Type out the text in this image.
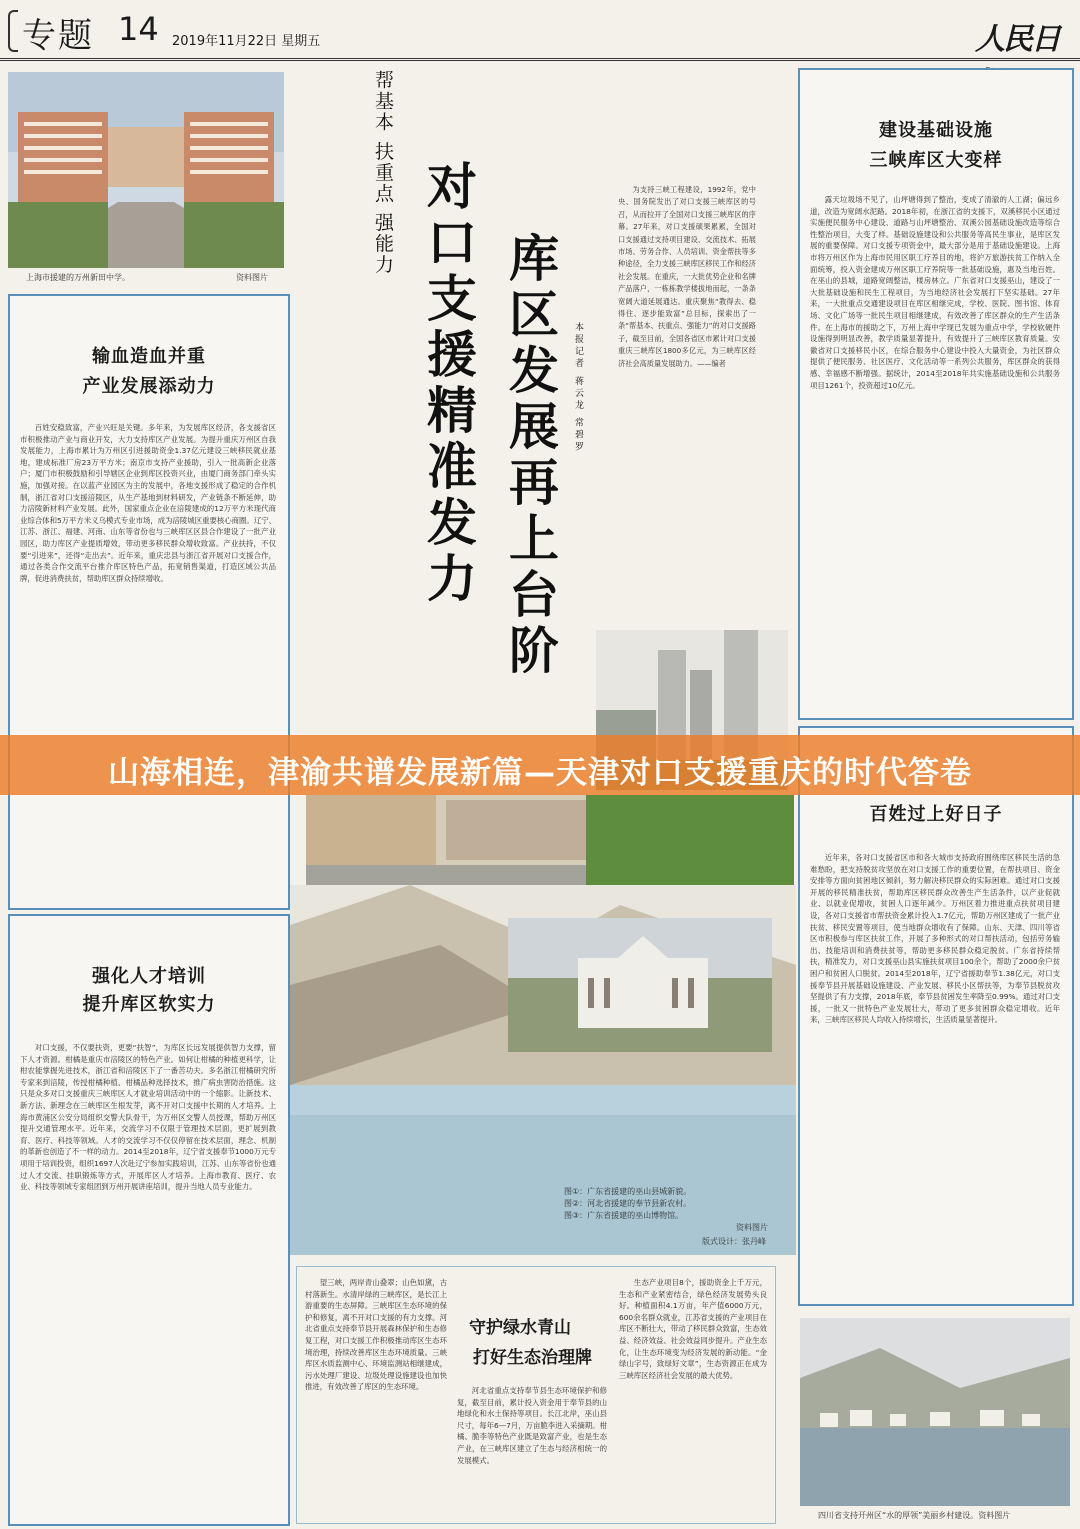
专题 14 2019年11月22日 星期五	人民日
上海市援建的万州新田中学。	资料图片
帮基本 扶重点 强能力 对口支援精准发力 库区发展再上台阶	本报记者 蒋云龙 常碧罗

为支持三峡工程建设，1992年，党中央、国务院发出了对口支援三峡库区的号召，从而拉开了全国对口支援三峡库区的序幕。27年来，对口支援硕果累累，全国对口支援通过支持项目建设、交流技术、拓展市场、劳务合作、人员培训、资金帮扶等多种途径，全力支援三峡库区移民工作和经济社会发展。在重庆，一大批优势企业和名牌产品落户，一栋栋教学楼拔地而起，一条条宽阔大道延展通达。重庆聚焦“教得去、稳得住、逐步能致富”总目标，探索出了一条“帮基本、扶重点、强能力”的对口支援路子，截至目前，全国各省区市累计对口支援重庆三峡库区1800多亿元，为三峡库区经济社会高质量发展助力。——编者

输血造血并重
产业发展添动力

百姓安稳致富，产业兴旺是关键。多年来，为发展库区经济，各支援省区市积极推动产业与商业开发，大力支持库区产业发展。为提升重庆万州区自我发展能力，上海市累计为万州区引进援助资金1.37亿元建设三峡移民就业基地，建成标准厂房23万平方米；南京市支持产业援助，引入一批高新企业落户；厦门市积极鼓励和引导辖区企业到库区投资兴业，由厦门商务部门牵头实施，加强对接。在以蓝产业园区为主的发展中，各地支援形成了稳定的合作机制，浙江省对口支援涪陵区，从生产基地到材料研发，产业链条不断延伸，助力涪陵新材料产业发展。此外，国家重点企业在涪陵建成的12万平方米现代商业综合体和5万平方米义乌模式专业市场，成为涪陵城区重要核心商圈。辽宁、江苏、浙江、福建、河南、山东等省份也与三峡库区区县合作建设了一批产业园区，助力库区产业提质增效，带动更多移民群众增收致富。产业扶持，不仅要“引进来”，还得“走出去”。近年来，重庆忠县与浙江省开展对口支援合作，通过各类合作交流平台推介库区特色产品，拓宽销售渠道，打造区域公共品牌，促进消费扶贫，帮助库区群众持续增收。

强化人才培训
提升库区软实力

对口支援，不仅要扶资，更要“扶智”，为库区长远发展提供智力支撑，留下人才资源。柑橘是重庆市涪陵区的特色产业。如何让柑橘的种植更科学，让柑农能掌握先进技术，浙江省和涪陵区下了一番苦功夫。多名浙江柑橘研究所专家来到涪陵，传授柑橘种植、柑橘品种选择技术，推广病虫害防治措施。这只是众多对口支援重庆三峡库区人才就业培训活动中的一个缩影。让新技术、新方法、新理念在三峡库区生根发芽，离不开对口支援中长期的人才培养。上海市黄浦区公安分局组织交警大队骨干，为万州区交警人员授课，帮助万州区提升交通管理水平。近年来，交流学习不仅限于管理技术层面，更扩展到教育、医疗、科技等领域。人才的交流学习不仅仅停留在技术层面，理念、机制的革新也创造了不一样的动力。2014至2018年，辽宁省支援奉节1000万元专项用于培训投资，组织1697人次赴辽宁参加实践培训，江苏、山东等省份也通过人才交流、挂职锻炼等方式，开展库区人才培养。上海市教育、医疗、农业、科技等领域专家组团到万州开展讲座培训，提升当地人员专业能力。

建设基础设施
三峡库区大变样

露天垃圾场不见了，山坪塘得到了整治，变成了清澈的人工湖；偏远乡道，改造为宽阔水泥路。2018年初，在浙江省的支援下，双溪移民小区通过实施便民服务中心建设、道路与山坪塘整治、双溪公园基础设施改造等综合性整治项目，大变了样。基础设施建设和公共服务等高民生事业，是库区发展的重要保障。对口支援专项资金中，最大部分是用于基础设施建设。上海市将万州区作为上海市民用区职工疗养目的地，将沪万旅游扶贫工作纳入全面统筹，投入资金建成万州区职工疗养院等一批基础设施，惠及当地百姓。在巫山的县城，道路宽阔整洁，楼房林立。广东省对口支援巫山，建设了一大批基础设施和民生工程项目，为当地经济社会发展打下坚实基础。27年来，一大批重点交通建设项目在库区相继完成，学校、医院、图书馆、体育场、文化广场等一批民生项目相继建成，有效改善了库区群众的生产生活条件。在上海市的援助之下，万州上海中学现已发展为重点中学，学校软硬件设施得到明显改善，教学质量显著提升，有效提升了三峡库区教育质量。安徽省对口支援移民小区，在综合服务中心建设中投入大量资金，为社区群众提供了便民服务、社区医疗、文化活动等一系列公共服务，库区群众的获得感、幸福感不断增强。据统计，2014至2018年共实施基础设施和公共服务项目1261个，投资超过10亿元。

百姓过上好日子

近年来，各对口支援省区市和各大城市支持政府围绕库区移民生活的急难愁盼，把支持脱贫攻坚放在对口支援工作的重要位置，在帮扶项目、资金安排等方面向贫困地区倾斜，努力解决移民群众的实际困难。通过对口支援开展的移民精准扶贫，帮助库区移民群众改善生产生活条件，以产业促就业、以就业促增收，贫困人口逐年减少。万州区着力推进重点扶贫项目建设，各对口支援省市帮扶资金累计投入1.7亿元，帮助万州区建成了一批产业扶贫、移民安置等项目，使当地群众增收有了保障。山东、天津、四川等省区市积极参与库区扶贫工作，开展了多种形式的对口帮扶活动，包括劳务输出、技能培训和消费扶贫等，帮助更多移民群众稳定脱贫。广东省持续帮扶，精准发力，对口支援巫山县实施扶贫项目100余个，帮助了2000余户贫困户和贫困人口脱贫。2014至2018年，辽宁省援助奉节1.38亿元，对口支援奉节县开展基础设施建设、产业发展、移民小区帮扶等，为奉节县脱贫攻坚提供了有力支撑，2018年底，奉节县贫困发生率降至0.99%。通过对口支援，一批又一批特色产业发展壮大，带动了更多贫困群众稳定增收。近年来，三峡库区移民人均收入持续增长，生活质量显著提升。

图①：广东省援建的巫山县城新貌。
图②：河北省援建的奉节县新农村。
图③：广东省援建的巫山博物馆。
资料图片
版式设计：张丹峰

望三峡，两岸青山叠翠；山色如黛，古村落新生。水清岸绿的三峡库区，是长江上游重要的生态屏障。三峡库区生态环境的保护和修复，离不开对口支援的有力支撑。河北省重点支持奉节县开展森林保护和生态修复工程，对口支援工作积极推动库区生态环境治理，持续改善库区生态环境质量。三峡库区水质监测中心、环境监测站相继建成，污水处理厂建设、垃圾处理设施建设也加快推进，有效改善了库区的生态环境。

守护绿水青山
打好生态治理牌

河北省重点支持奉节县生态环境保护和修复，截至目前，累计投入资金用于奉节县的山地绿化和水土保持等项目。长江北岸，巫山县尺寸，每年6—7月，万亩脆李进入采摘期。柑橘、脆李等特色产业既是致富产业，也是生态产业，在三峡库区建立了生态与经济相统一的发展模式。

生态产业项目8个，援助资金上千万元，生态和产业紧密结合，绿色经济发展势头良好。种植面积4.1万亩，年产值6000万元，600余名群众就业，江苏省支援的产业项目在库区不断壮大，带动了移民群众致富，生态效益、经济效益、社会效益同步提升。产业生态化，让生态环境变为经济发展的新动能。“金绿山字号，致绿好文章”，生态资源正在成为三峡库区经济社会发展的最大优势。

四川省支持开州区“水的厚领”美丽乡村建设。资料图片
山海相连，津渝共谱发展新篇—天津对口支援重庆的时代答卷
